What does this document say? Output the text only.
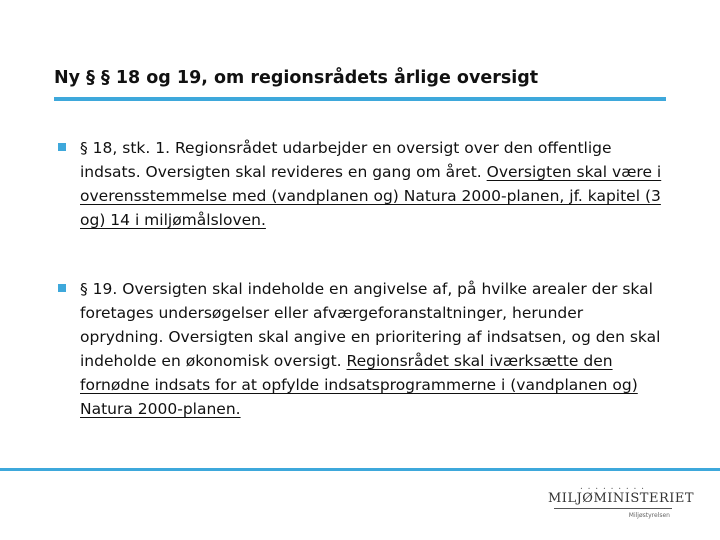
Ny § § 18 og 19, om regionsrådets årlige oversigt
§ 18, stk. 1. Regionsrådet udarbejder en oversigt over den offentlige indsats. Oversigten skal revideres en gang om året. Oversigten skal være i overensstemmelse med (vandplanen og) Natura 2000-planen, jf. kapitel (3 og) 14 i miljømålsloven.
§ 19. Oversigten skal indeholde en angivelse af, på hvilke arealer der skal foretages undersøgelser eller afværgeforanstaltninger, herunder oprydning. Oversigten skal angive en prioritering af indsatsen, og den skal indeholde en økonomisk oversigt. Regionsrådet skal iværksætte den fornødne indsats for at opfylde indsatsprogrammerne i (vandplanen og) Natura 2000-planen.
• • • • • • • • •
MILJØMINISTERIET
Miljøstyrelsen
